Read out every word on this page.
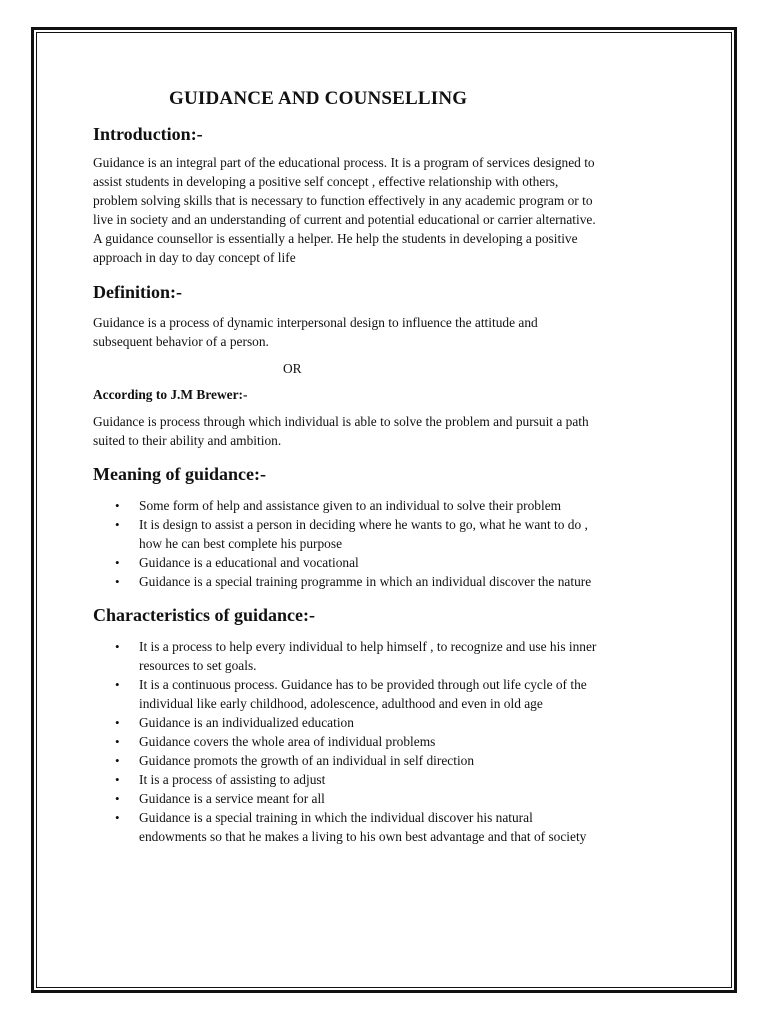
GUIDANCE AND COUNSELLING
Introduction:-
Guidance is an integral part of the educational process. It is a program of services designed to
assist students in developing a positive self concept , effective relationship with others,
problem solving skills that is necessary to function effectively in any academic program or to
live in society and an understanding of current and potential educational or carrier alternative.
A guidance counsellor is essentially a helper. He help the students in developing a positive
approach in day to day concept of life
Definition:-
Guidance is a process of dynamic interpersonal design to influence the attitude and
subsequent behavior of a person.

OR

According to J.M Brewer:-

Guidance is process through which individual is able to solve the problem and pursuit a path
suited to their ability and ambition.
Meaning of guidance:-
• Some form of help and assistance given to an individual to solve their problem
• It is design to assist a person in deciding where he wants to go, what he want to do ,
how he can best complete his purpose
• Guidance is a educational and vocational
• Guidance is a special training programme in which an individual discover the nature
Characteristics of guidance:-
• It is a process to help every individual to help himself , to recognize and use his inner
resources to set goals.
• It is a continuous process. Guidance has to be provided through out life cycle of the
individual like early childhood, adolescence, adulthood and even in old age
• Guidance is an individualized education
• Guidance covers the whole area of individual problems
• Guidance promots the growth of an individual in self direction
• It is a process of assisting to adjust
• Guidance is a service meant for all
• Guidance is a special training in which the individual discover his natural
endowments so that he makes a living to his own best advantage and that of society
